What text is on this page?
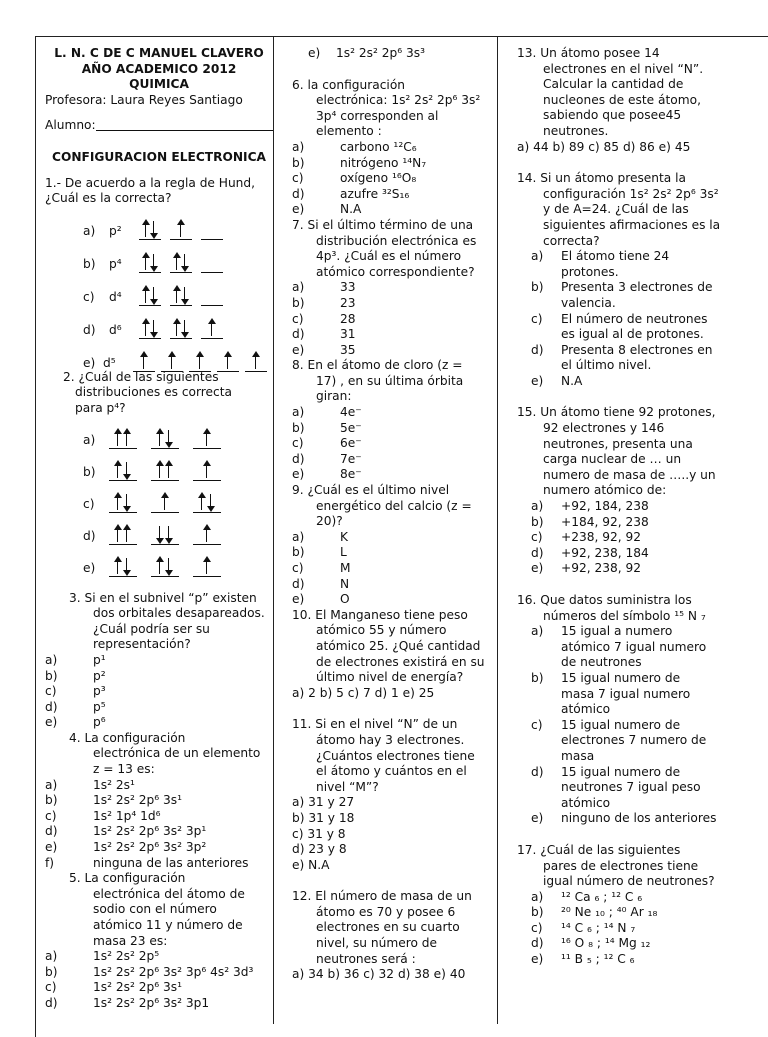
L. N. C DE C MANUEL CLAVERO
AÑO ACADEMICO 2012
QUIMICA
Profesora: Laura Reyes Santiago
Alumno:
CONFIGURACION ELECTRONICA
1.- De acuerdo a la regla de Hund,
¿Cuál es la correcta?
a)	p²
b)	p⁴
c)	d⁴
d)	d⁶
e) d⁵
2. ¿Cuál de las siguientes
distribuciones es correcta
para p⁴?
a)
b)
c)
d)
e)
3. Si en el subnivel “p” existen
dos orbitales desapareados.
¿Cuál podría ser su
representación?
a)	p¹
b)	p²
c)	p³
d)	p⁵
e)	p⁶
4. La configuración
electrónica de un elemento
z = 13 es:
a)	1s² 2s¹
b)	1s² 2s² 2p⁶ 3s¹
c)	1s² 1p⁴ 1d⁶
d)	1s² 2s² 2p⁶ 3s² 3p¹
e)	1s² 2s² 2p⁶ 3s² 3p²
f)	ninguna de las anteriores
5. La configuración
electrónica del átomo de
sodio con el número
atómico 11 y número de
masa 23 es:
a)	1s² 2s² 2p⁵
b)	1s² 2s² 2p⁶ 3s² 3p⁶ 4s² 3d³
c)	1s² 2s² 2p⁶ 3s¹
d)	1s² 2s² 2p⁶ 3s² 3p1
e)	1s² 2s² 2p⁶ 3s³
6. la configuración
electrónica: 1s² 2s² 2p⁶ 3s²
3p⁴ corresponden al
elemento :
a)	carbono ¹²C₆
b)	nitrógeno ¹⁴N₇
c)	oxígeno ¹⁶O₈
d)	azufre ³²S₁₆
e)	N.A
7. Si el último término de una
distribución electrónica es
4p³. ¿Cuál es el número
atómico correspondiente?
a)	33
b)	23
c)	28
d)	31
e)	35
8. En el átomo de cloro (z =
17) , en su última órbita
giran:
a)	4e⁻
b)	5e⁻
c)	6e⁻
d)	7e⁻
e)	8e⁻
9. ¿Cuál es el último nivel
energético del calcio (z =
20)?
a)	K
b)	L
c)	M
d)	N
e)	O
10. El Manganeso tiene peso
atómico 55 y número
atómico 25. ¿Qué cantidad
de electrones existirá en su
último nivel de energía?
a) 2 b) 5 c) 7 d) 1 e) 25
11. Si en el nivel “N” de un
átomo hay 3 electrones.
¿Cuántos electrones tiene
el átomo y cuántos en el
nivel “M”?
a) 31 y 27
b) 31 y 18
c) 31 y 8
d) 23 y 8
e) N.A
12. El número de masa de un
átomo es 70 y posee 6
electrones en su cuarto
nivel, su número de
neutrones será :
a) 34 b) 36 c) 32 d) 38 e) 40
13. Un átomo posee 14
electrones en el nivel “N”.
Calcular la cantidad de
nucleones de este átomo,
sabiendo que posee45
neutrones.
a) 44 b) 89 c) 85 d) 86 e) 45
14. Si un átomo presenta la
configuración 1s² 2s² 2p⁶ 3s²
y de A=24. ¿Cuál de las
siguientes afirmaciones es la
correcta?
a)	El átomo tiene 24
protones.
b)	Presenta 3 electrones de
valencia.
c)	El número de neutrones
es igual al de protones.
d)	Presenta 8 electrones en
el último nivel.
e)	N.A
15. Un átomo tiene 92 protones,
92 electrones y 146
neutrones, presenta una
carga nuclear de … un
numero de masa de …..y un
numero atómico de:
a)	+92, 184, 238
b)	+184, 92, 238
c)	+238, 92, 92
d)	+92, 238, 184
e)	+92, 238, 92
16. Que datos suministra los
números del símbolo ¹⁵ N ₇
a)	15 igual a numero
atómico 7 igual numero
de neutrones
b)	15 igual numero de
masa 7 igual numero
atómico
c)	15 igual numero de
electrones 7 numero de
masa
d)	15 igual numero de
neutrones 7 igual peso
atómico
e)	ninguno de los anteriores
17. ¿Cuál de las siguientes
pares de electrones tiene
igual número de neutrones?
a)	¹² Ca ₆ ; ¹² C ₆
b)	²⁰ Ne ₁₀ ; ⁴⁰ Ar ₁₈
c)	¹⁴ C ₆ ; ¹⁴ N ₇
d)	¹⁶ O ₈ ; ¹⁴ Mg ₁₂
e)	¹¹ B ₅ ; ¹² C ₆
